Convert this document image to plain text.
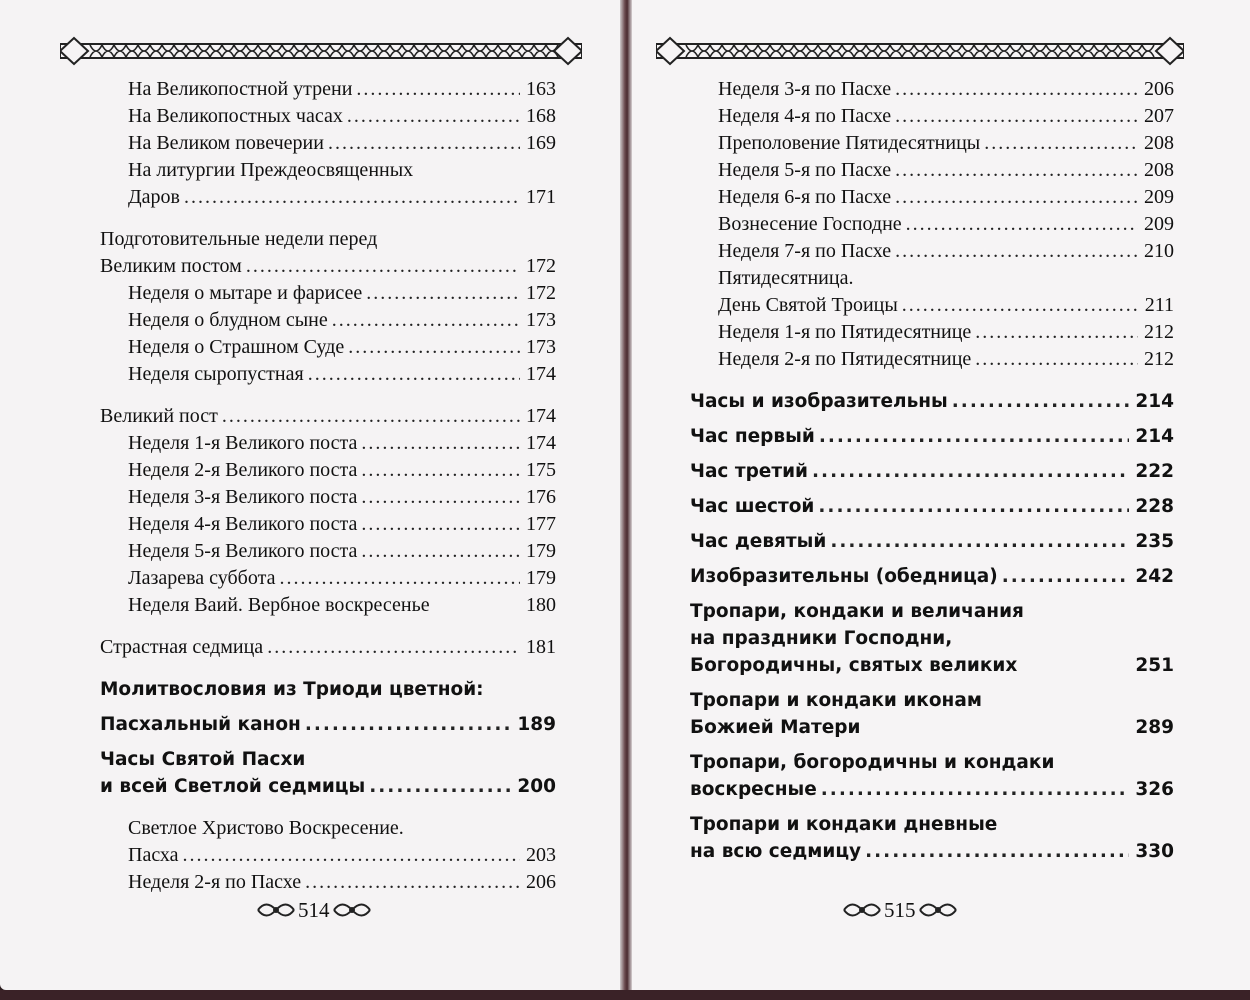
На Великопостной утрени .....	163
На Великопостных часах .....	168
На Великом повечерии .....	169
На литургии Преждеосвященных
Даров .....	171
Подготовительные недели перед
Великим постом .....	172
Неделя о мытаре и фарисее .....	172
Неделя о блудном сыне .....	173
Неделя о Страшном Суде .....	173
Неделя сыропустная .....	174
Великий пост .....	174
Неделя 1-я Великого поста .....	174
Неделя 2-я Великого поста .....	175
Неделя 3-я Великого поста .....	176
Неделя 4-я Великого поста .....	177
Неделя 5-я Великого поста .....	179
Лазарева суббота .....	179
Неделя Ваий. Вербное воскресенье	180
Страстная седмица .....	181
Молитвословия из Триоди цветной:
Пасхальный канон .....	189
Часы Святой Пасхи
и всей Светлой седмицы .....	200
Светлое Христово Воскресение.
Пасха .....	203
Неделя 2-я по Пасхе .....	206
514
Неделя 3-я по Пасхе .....	206
Неделя 4-я по Пасхе .....	207
Преполовение Пятидесятницы .....	208
Неделя 5-я по Пасхе .....	208
Неделя 6-я по Пасхе .....	209
Вознесение Господне .....	209
Неделя 7-я по Пасхе .....	210
Пятидесятница.
День Святой Троицы .....	211
Неделя 1-я по Пятидесятнице .....	212
Неделя 2-я по Пятидесятнице .....	212
Часы и изобразительны .....	214
Час первый .....	214
Час третий .....	222
Час шестой .....	228
Час девятый .....	235
Изобразительны (обедница) .....	242
Тропари, кондаки и величания
на праздники Господни,
Богородичны, святых великих	251
Тропари и кондаки иконам
Божией Матери	289
Тропари, богородичны и кондаки
воскресные .....	326
Тропари и кондаки дневные
на всю седмицу .....	330
515
